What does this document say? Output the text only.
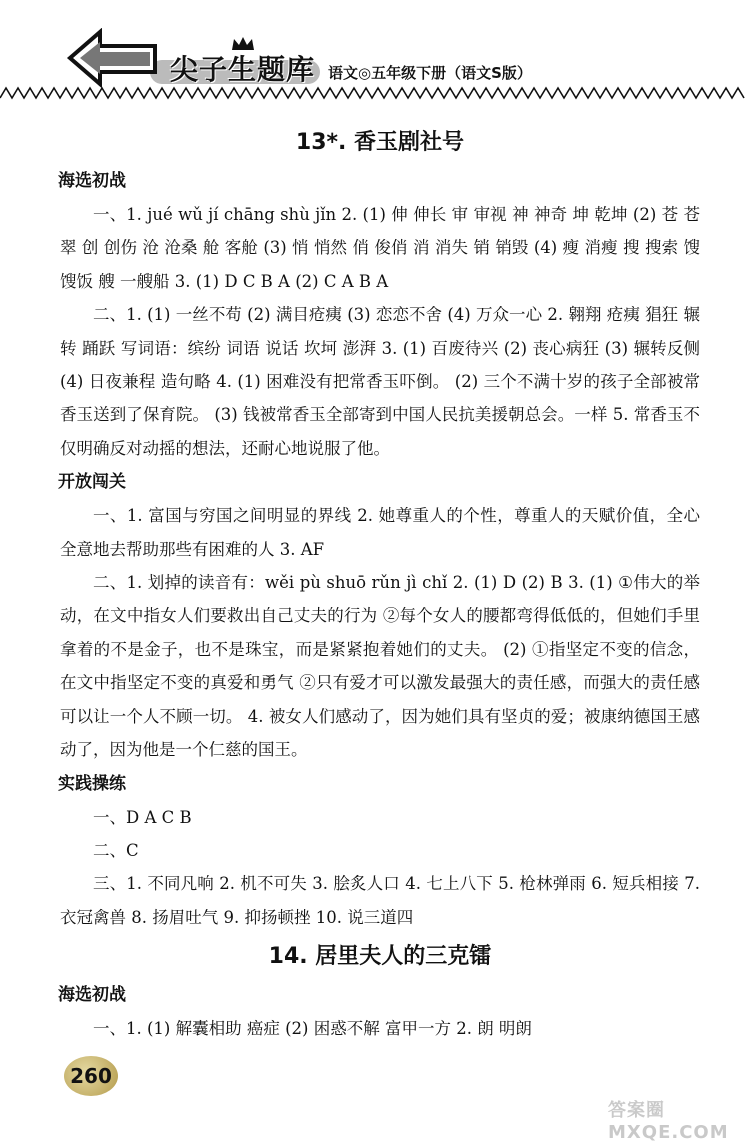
尖子生题库 语文◎五年级下册（语文S版）
13*. 香玉剧社号
海选初战

一、1. jué wǔ jí chāng shù jǐn 2. (1) 伸 伸长 审 审视 神 神奇 坤 乾坤 (2) 苍 苍翠 创 创伤 沧 沧桑 舱 客舱 (3) 悄 悄然 俏 俊俏 消 消失 销 销毁 (4) 瘦 消瘦 搜 搜索 馊 馊饭 艘 一艘船 3. (1) D C B A (2) C A B A

二、1. (1) 一丝不苟 (2) 满目疮痍 (3) 恋恋不舍 (4) 万众一心 2. 翱翔 疮痍 猖狂 辗转 踊跃 写词语：缤纷 词语 说话 坎坷 澎湃 3. (1) 百废待兴 (2) 丧心病狂 (3) 辗转反侧 (4) 日夜兼程 造句略 4. (1) 困难没有把常香玉吓倒。 (2) 三个不满十岁的孩子全部被常香玉送到了保育院。 (3) 钱被常香玉全部寄到中国人民抗美援朝总会。一样 5. 常香玉不仅明确反对动摇的想法，还耐心地说服了他。

开放闯关

一、1. 富国与穷国之间明显的界线 2. 她尊重人的个性，尊重人的天赋价值，全心全意地去帮助那些有困难的人 3. AF

二、1. 划掉的读音有：wěi pù shuō rǔn jì chǐ 2. (1) D (2) B 3. (1) ①伟大的举动，在文中指女人们要救出自己丈夫的行为 ②每个女人的腰都弯得低低的，但她们手里拿着的不是金子，也不是珠宝，而是紧紧抱着她们的丈夫。 (2) ①指坚定不变的信念，在文中指坚定不变的真爱和勇气 ②只有爱才可以激发最强大的责任感，而强大的责任感可以让一个人不顾一切。 4. 被女人们感动了，因为她们具有坚贞的爱；被康纳德国王感动了，因为他是一个仁慈的国王。

实践操练

一、D A C B

二、C

三、1. 不同凡响 2. 机不可失 3. 脍炙人口 4. 七上八下 5. 枪林弹雨 6. 短兵相接 7. 衣冠禽兽 8. 扬眉吐气 9. 抑扬顿挫 10. 说三道四

14. 居里夫人的三克镭
海选初战

一、1. (1) 解囊相助 癌症 (2) 困惑不解 富甲一方 2. 朗 明朗

260
答案圈 MXQE.COM
